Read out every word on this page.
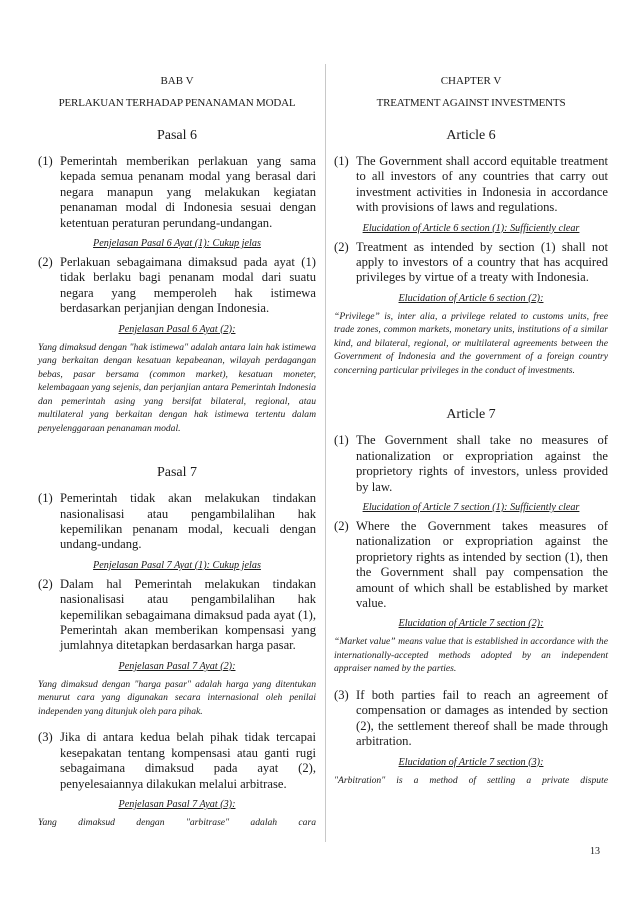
BAB V

PERLAKUAN TERHADAP PENANAMAN MODAL

Pasal 6

(1) Pemerintah memberikan perlakuan yang sama kepada semua penanam modal yang berasal dari negara manapun yang melakukan kegiatan penanaman modal di Indonesia sesuai dengan ketentuan peraturan perundang-undangan.

Penjelasan Pasal 6 Ayat (1): Cukup jelas

(2) Perlakuan sebagaimana dimaksud pada ayat (1) tidak berlaku bagi penanam modal dari suatu negara yang memperoleh hak istimewa berdasarkan perjanjian dengan Indonesia.

Penjelasan Pasal 6 Ayat (2):

Yang dimaksud dengan "hak istimewa" adalah antara lain hak istimewa yang berkaitan dengan kesatuan kepabeanan, wilayah perdagangan bebas, pasar bersama (common market), kesatuan moneter, kelembagaan yang sejenis, dan perjanjian antara Pemerintah Indonesia dan pemerintah asing yang bersifat bilateral, regional, atau multilateral yang berkaitan dengan hak istimewa tertentu dalam penyelenggaraan penanaman modal.

Pasal 7

(1) Pemerintah tidak akan melakukan tindakan nasionalisasi atau pengambilalihan hak kepemilikan penanam modal, kecuali dengan undang-undang.

Penjelasan Pasal 7 Ayat (1): Cukup jelas

(2) Dalam hal Pemerintah melakukan tindakan nasionalisasi atau pengambilalihan hak kepemilikan sebagaimana dimaksud pada ayat (1), Pemerintah akan memberikan kompensasi yang jumlahnya ditetapkan berdasarkan harga pasar.

Penjelasan Pasal 7 Ayat (2):

Yang dimaksud dengan "harga pasar" adalah harga yang ditentukan menurut cara yang digunakan secara internasional oleh penilai independen yang ditunjuk oleh para pihak.

(3) Jika di antara kedua belah pihak tidak tercapai kesepakatan tentang kompensasi atau ganti rugi sebagaimana dimaksud pada ayat (2), penyelesaiannya dilakukan melalui arbitrase.

Penjelasan Pasal 7 Ayat (3):

Yang dimaksud dengan "arbitrase" adalah cara

CHAPTER V

TREATMENT AGAINST INVESTMENTS

Article 6

(1) The Government shall accord equitable treatment to all investors of any countries that carry out investment activities in Indonesia in accordance with provisions of laws and regulations.

Elucidation of Article 6 section (1): Sufficiently clear

(2) Treatment as intended by section (1) shall not apply to investors of a country that has acquired privileges by virtue of a treaty with Indonesia.

Elucidation of Article 6 section (2):

“Privilege” is, inter alia, a privilege related to customs units, free trade zones, common markets, monetary units, institutions of a similar kind, and bilateral, regional, or multilateral agreements between the Government of Indonesia and the government of a foreign country concerning particular privileges in the conduct of investments.

Article 7

(1) The Government shall take no measures of nationalization or expropriation against the proprietory rights of investors, unless provided by law.

Elucidation of Article 7 section (1): Sufficiently clear

(2) Where the Government takes measures of nationalization or expropriation against the proprietory rights as intended by section (1), then the Government shall pay compensation the amount of which shall be established by market value.

Elucidation of Article 7 section (2):

“Market value” means value that is established in accordance with the internationally-accepted methods adopted by an independent appraiser named by the parties.

(3) If both parties fail to reach an agreement of compensation or damages as intended by section (2), the settlement thereof shall be made through arbitration.

Elucidation of Article 7 section (3):

"Arbitration" is a method of settling a private dispute

13
